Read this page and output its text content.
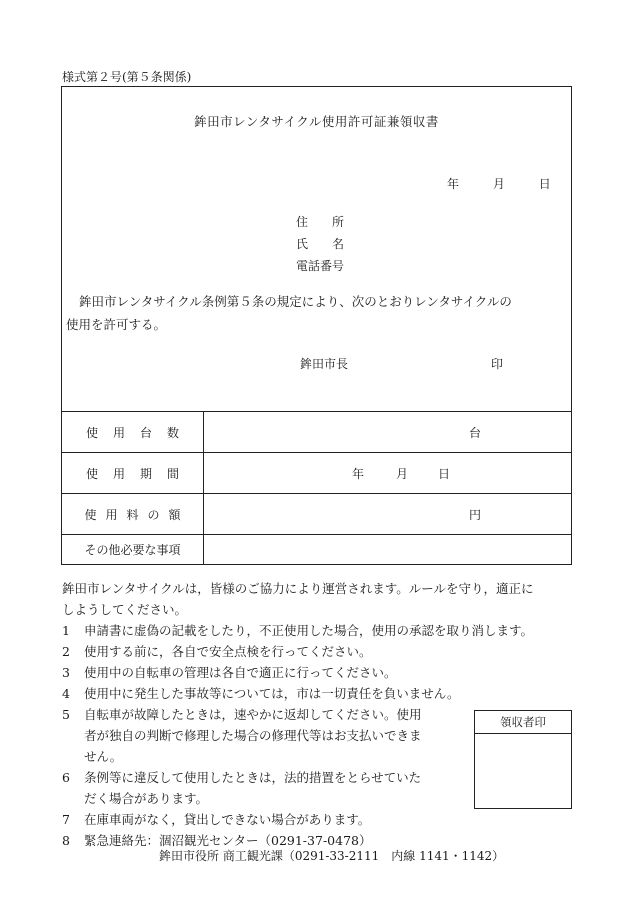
様式第２号(第５条関係)
鉾田市レンタサイクル使用許可証兼領収書
年	月	日
住　　所
氏　　名
電話番号
鉾田市レンタサイクル条例第５条の規定により、次のとおりレンタサイクルの
使用を許可する。
鉾田市長	印
使用台数	台
使用期間	年	月 日
使用料の額	円
その他必要な事項
鉾田市レンタサイクルは，皆様のご協力により運営されます。ルールを守り，適正に
しようしてください。
1 申請書に虚偽の記載をしたり，不正使用した場合，使用の承認を取り消します。
2 使用する前に，各自で安全点検を行ってください。
3 使用中の自転車の管理は各自で適正に行ってください。
4 使用中に発生した事故等については，市は一切責任を負いません。
5 自転車が故障したときは，速やかに返却してください。使用
者が独自の判断で修理した場合の修理代等はお支払いできま
せん。
6 条例等に違反して使用したときは，法的措置をとらせていた
だく場合があります。
7 在庫車両がなく，貸出しできない場合があります。
8 緊急連絡先：涸沼観光センター（0291-37-0478）
領収者印
鉾田市役所 商工観光課（0291-33-2111　内線 1141・1142）
